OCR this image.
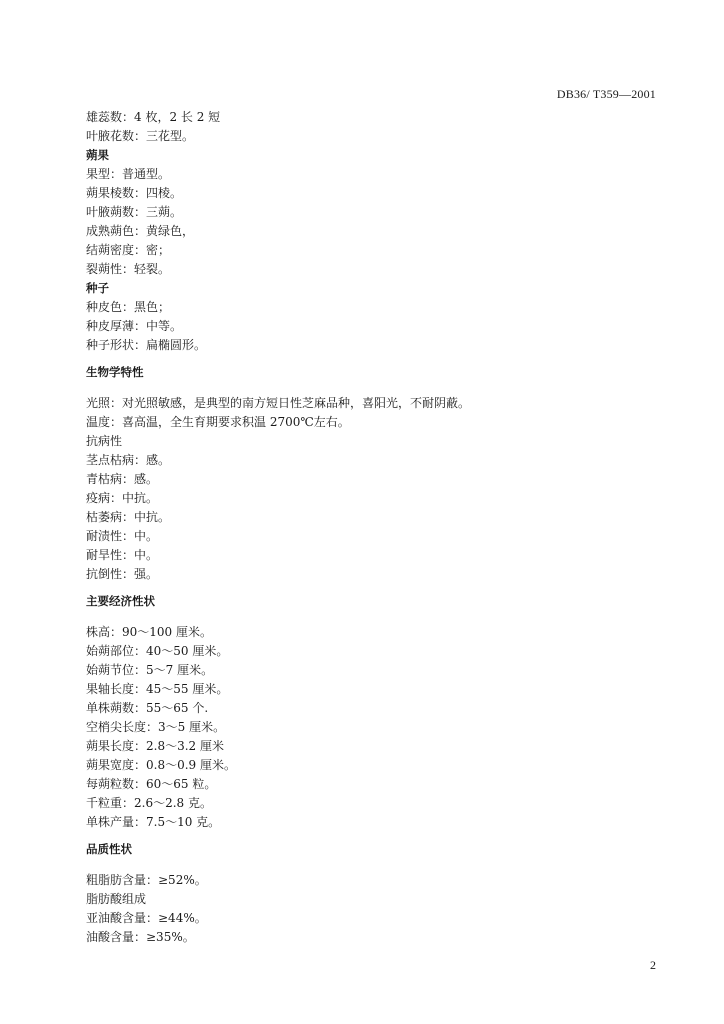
DB36/ T359—2001
雄蕊数：4 枚，2 长 2 短
叶腋花数：三花型。
蒴果
果型：普通型。
蒴果棱数：四棱。
叶腋蒴数：三蒴。
成熟蒴色：黄绿色，
结蒴密度：密；
裂蒴性：轻裂。
种子
种皮色：黑色；
种皮厚薄：中等。
种子形状：扁椭圆形。
生物学特性
光照：对光照敏感，是典型的南方短日性芝麻品种，喜阳光，不耐阴蔽。
温度：喜高温，全生育期要求积温 2700℃左右。
抗病性
茎点枯病：感。
青枯病：感。
疫病：中抗。
枯萎病：中抗。
耐渍性：中。
耐旱性：中。
抗倒性：强。
主要经济性状
株高：90～100 厘米。
始蒴部位：40～50 厘米。
始蒴节位：5～7 厘米。
果轴长度：45～55 厘米。
单株蒴数：55～65 个.
空梢尖长度：3～5 厘米。
蒴果长度：2.8～3.2 厘米
蒴果宽度：0.8～0.9 厘米。
每蒴粒数：60～65 粒。
千粒重：2.6～2.8 克。
单株产量：7.5～10 克。
品质性状
粗脂肪含量：≥52%。
脂肪酸组成
亚油酸含量：≥44%。
油酸含量：≥35%。
2
